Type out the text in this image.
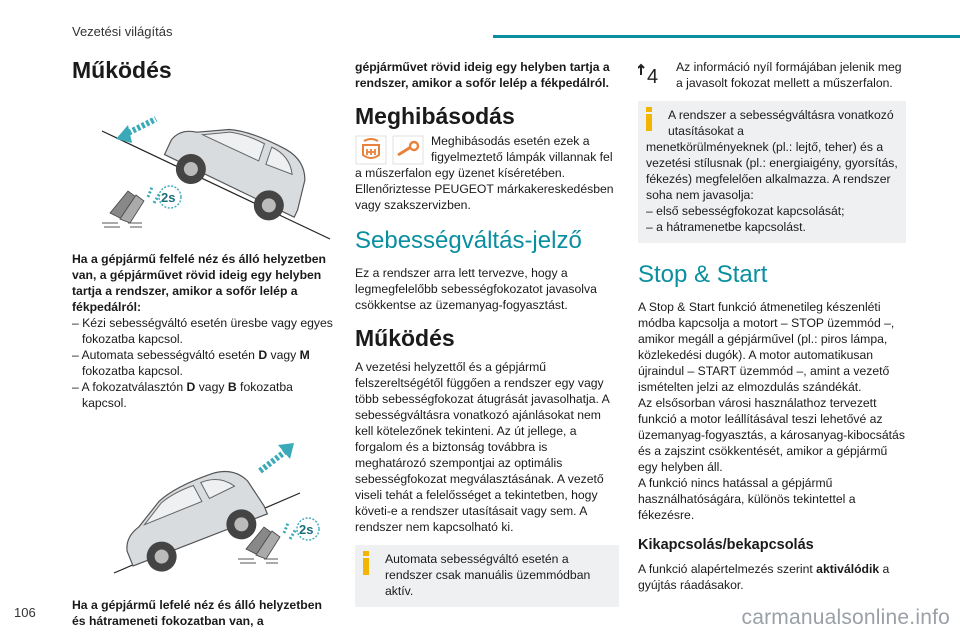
Vezetési világítás
Működés
2s

Ha a gépjármű felfelé néz és álló helyzetben van, a gépjárművet rövid ideig egy helyben tartja a rendszer, amikor a sofőr lelép a fékpedálról:

– Kézi sebességváltó esetén üresbe vagy egyes fokozatba kapcsol.

– Automata sebességváltó esetén D vagy M fokozatba kapcsol.

– A fokozatválasztón D vagy B fokozatba kapcsol.

2s

Ha a gépjármű lefelé néz és álló helyzetben és hátrameneti fokozatban van, a

gépjárművet rövid ideig egy helyben tartja a rendszer, amikor a sofőr lelép a fékpedálról.

Meghibásodás

Meghibásodás esetén ezek a figyelmeztető lámpák villannak fel

a műszerfalon egy üzenet kíséretében. Ellenőriztesse PEUGEOT márkakereskedésben vagy szakszervizben.

Sebességváltás-jelző

Ez a rendszer arra lett tervezve, hogy a legmegfelelőbb sebességfokozatot javasolva csökkentse az üzemanyag-fogyasztást.

Működés

A vezetési helyzettől és a gépjármű felszereltségétől függően a rendszer egy vagy több sebességfokozat átugrását javasolhatja. A sebességváltásra vonatkozó ajánlásokat nem kell kötelezőnek tekinteni. Az út jellege, a forgalom és a biztonság továbbra is meghatározó szempontjai az optimális sebességfokozat megválasztásának. A vezető viseli tehát a felelősséget a tekintetben, hogy követi-e a rendszer utasításait vagy sem. A rendszer nem kapcsolható ki.

Automata sebességváltó esetén a rendszer csak manuális üzemmódban aktív.

4 Az információ nyíl formájában jelenik meg a javasolt fokozat mellett a műszerfalon.

A rendszer a sebességváltásra vonatkozó utasításokat a

menetkörülményeknek (pl.: lejtő, teher) és a vezetési stílusnak (pl.: energiaigény, gyorsítás, fékezés) megfelelően alkalmazza. A rendszer soha nem javasolja:

– első sebességfokozat kapcsolását;

– a hátramenetbe kapcsolást.

Stop & Start

A Stop & Start funkció átmenetileg készenléti módba kapcsolja a motort – STOP üzemmód –, amikor megáll a gépjárművel (pl.: piros lámpa, közlekedési dugók). A motor automatikusan újraindul – START üzemmód –, amint a vezető ismételten jelzi az elmozdulás szándékát.

Az elsősorban városi használathoz tervezett funkció a motor leállításával teszi lehetővé az üzemanyag-fogyasztás, a károsanyag-kibocsátás és a zajszint csökkentését, amikor a gépjármű egy helyben áll.

A funkció nincs hatással a gépjármű használhatóságára, különös tekintettel a fékezésre.

Kikapcsolás/bekapcsolás

A funkció alapértelmezés szerint aktiválódik a gyújtás ráadásakor.

106	carmanualsonline.info
